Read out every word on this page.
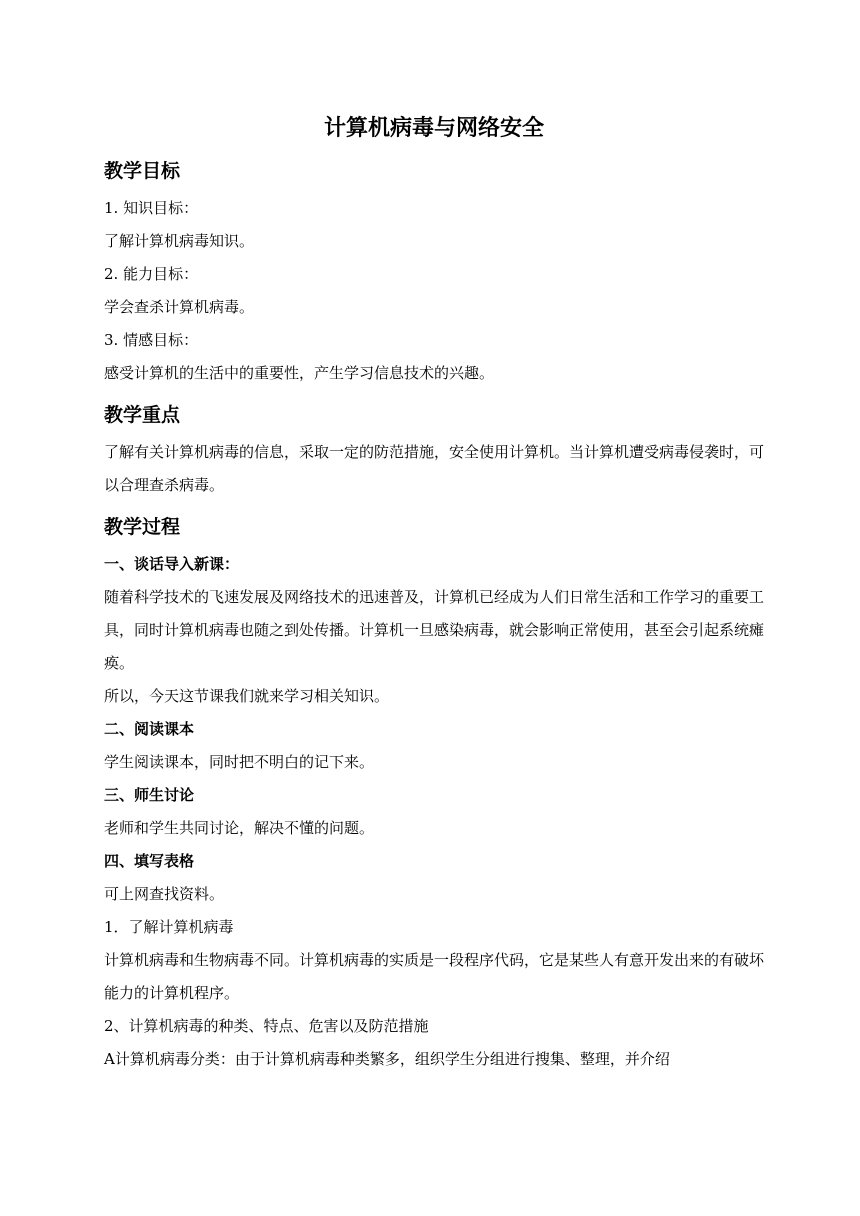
计算机病毒与网络安全
教学目标

1. 知识目标：

了解计算机病毒知识。

2. 能力目标：

学会查杀计算机病毒。

3. 情感目标：

感受计算机的生活中的重要性，产生学习信息技术的兴趣。

教学重点

了解有关计算机病毒的信息，采取一定的防范措施，安全使用计算机。当计算机遭受病毒侵袭时，可以合理查杀病毒。

教学过程
一、谈话导入新课：

随着科学技术的飞速发展及网络技术的迅速普及，计算机已经成为人们日常生活和工作学习的重要工具，同时计算机病毒也随之到处传播。计算机一旦感染病毒，就会影响正常使用，甚至会引起系统瘫痪。

所以，今天这节课我们就来学习相关知识。

二、阅读课本

学生阅读课本，同时把不明白的记下来。

三、师生讨论

老师和学生共同讨论，解决不懂的问题。

四、填写表格

可上网查找资料。

1．了解计算机病毒

计算机病毒和生物病毒不同。计算机病毒的实质是一段程序代码，它是某些人有意开发出来的有破坏能力的计算机程序。

2、计算机病毒的种类、特点、危害以及防范措施

A计算机病毒分类：由于计算机病毒种类繁多，组织学生分组进行搜集、整理，并介绍
